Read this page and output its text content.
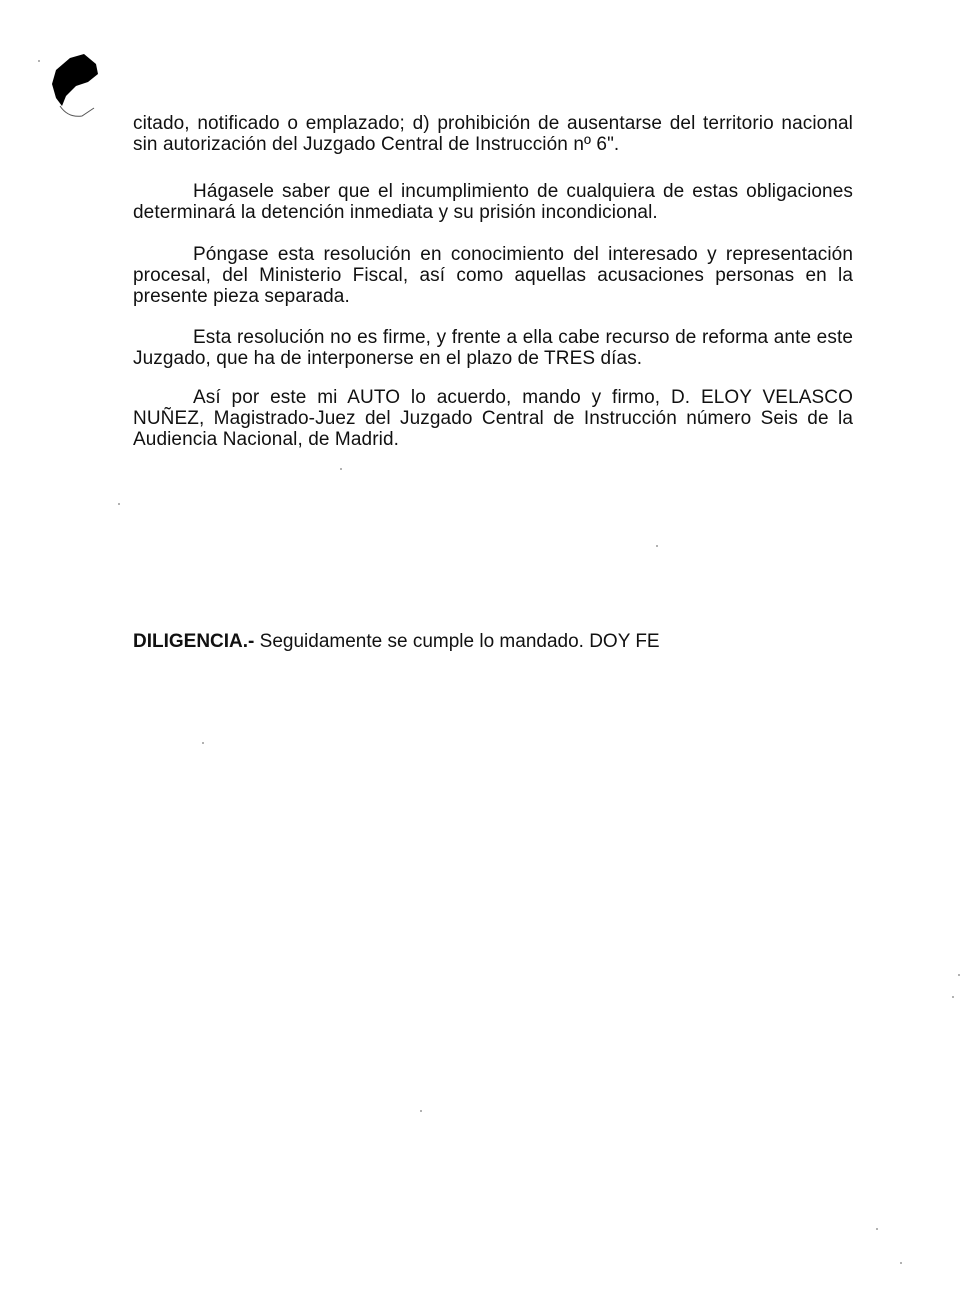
citado, notificado o emplazado; d) prohibición de ausentarse del territorio nacional sin autorización del Juzgado Central de Instrucción nº 6".
Hágasele saber que el incumplimiento de cualquiera de estas obligaciones determinará la detención inmediata y su prisión incondicional.
Póngase esta resolución en conocimiento del interesado y representación procesal, del Ministerio Fiscal, así como aquellas acusaciones personas en la presente pieza separada.
Esta resolución no es firme, y frente a ella cabe recurso de reforma ante este Juzgado, que ha de interponerse en el plazo de TRES días.
Así por este mi AUTO lo acuerdo, mando y firmo, D. ELOY VELASCO NUÑEZ, Magistrado-Juez del Juzgado Central de Instrucción número Seis de la Audiencia Nacional, de Madrid.
DILIGENCIA.- Seguidamente se cumple lo mandado. DOY FE
